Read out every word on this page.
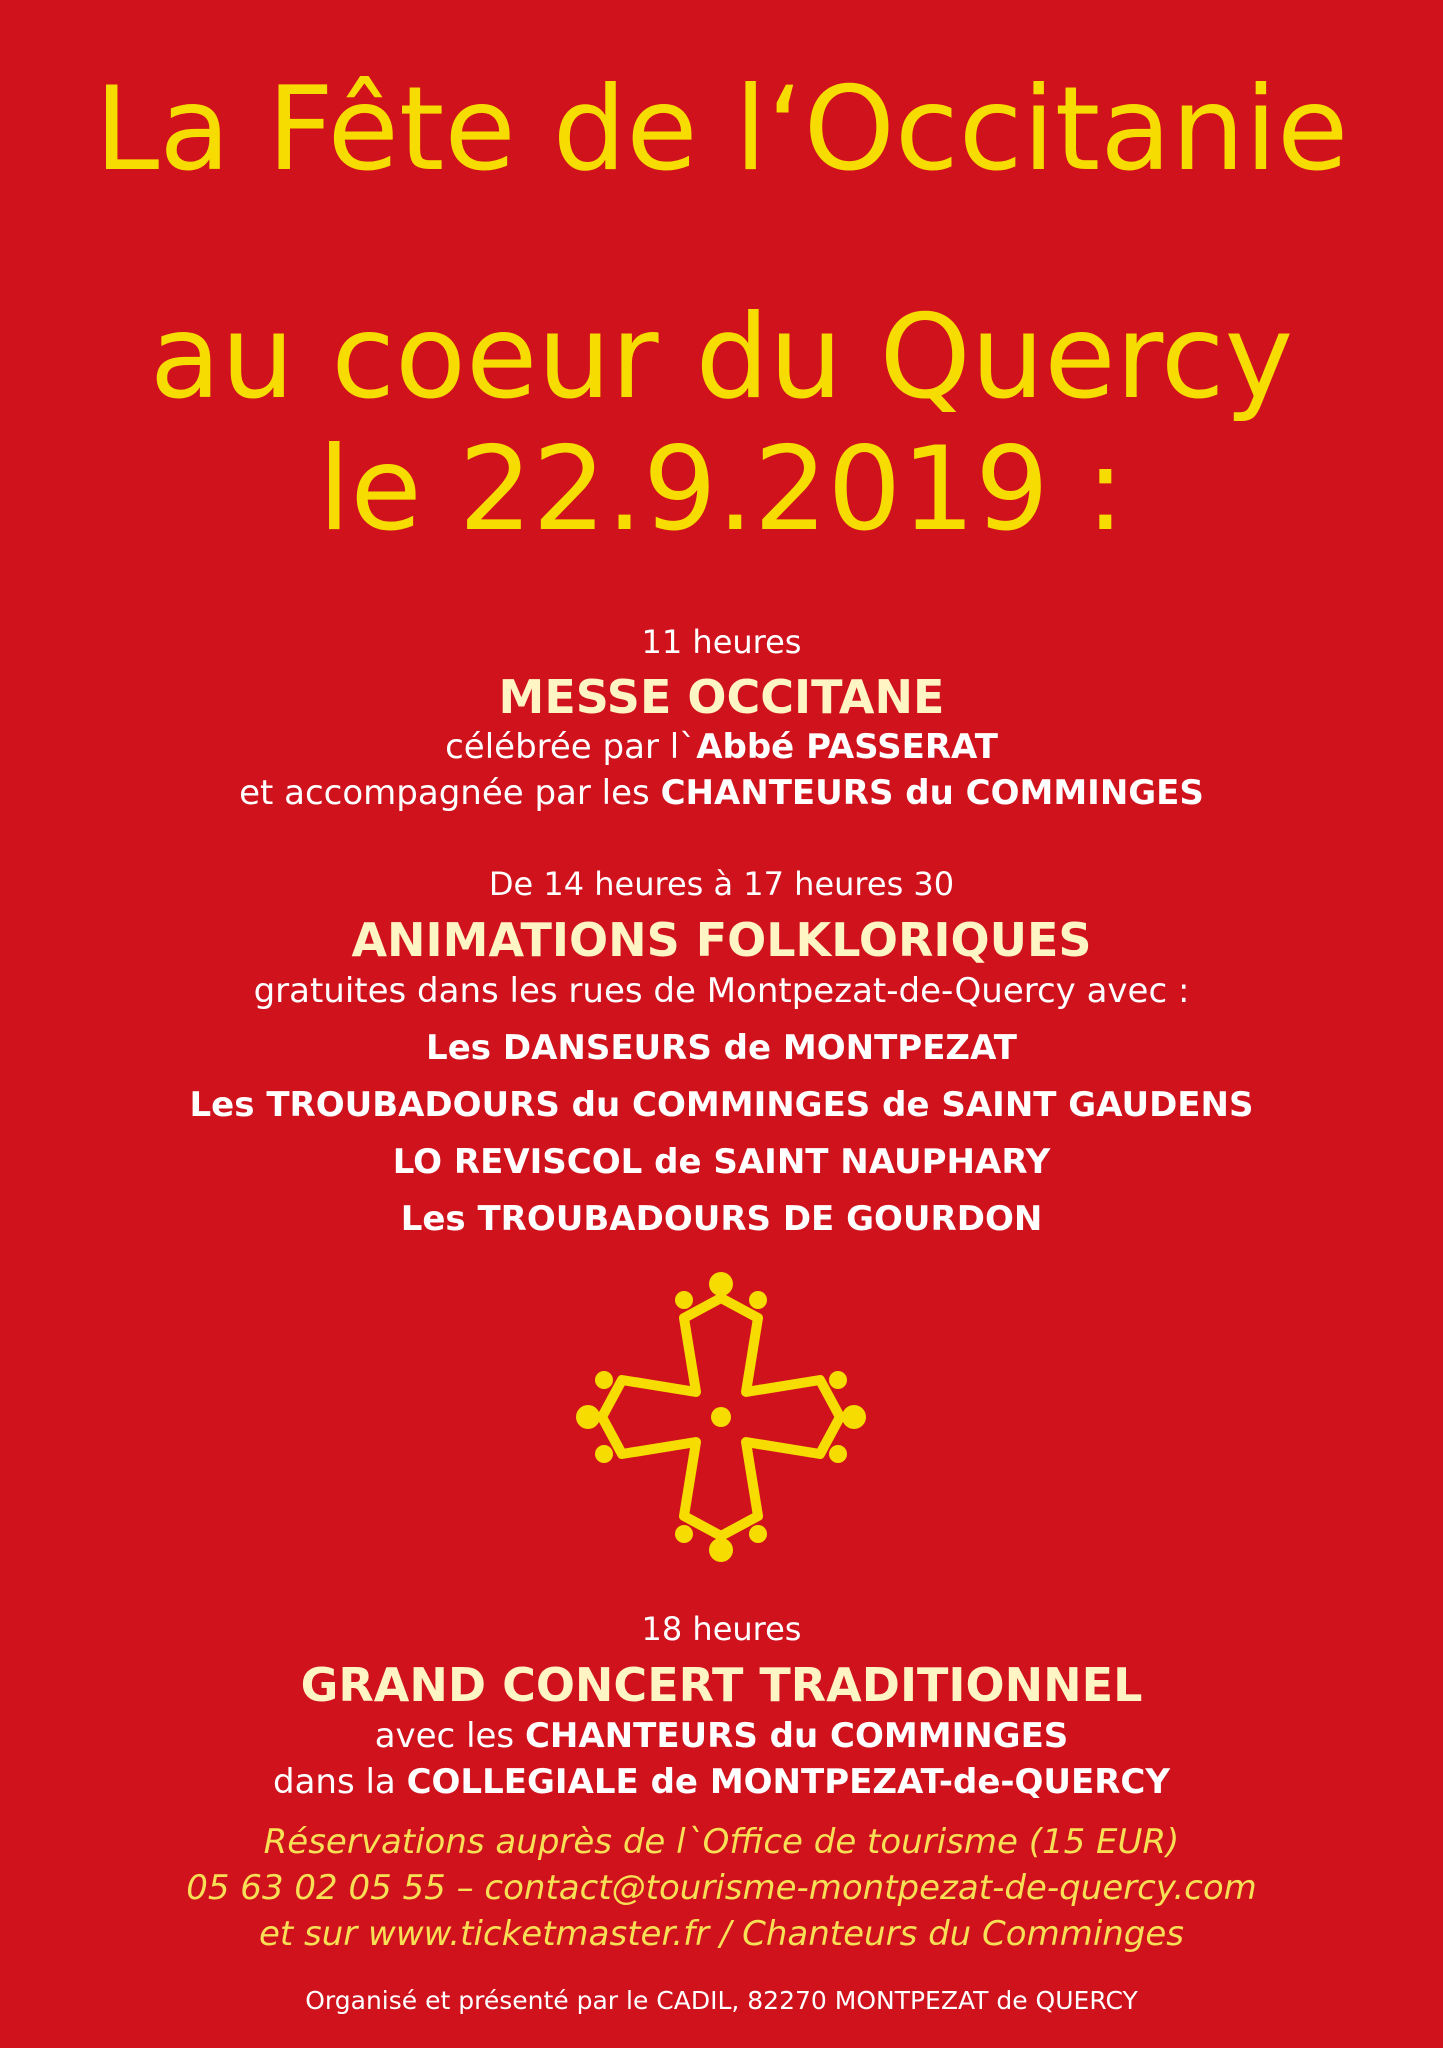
La Fête de l‘Occitanie
au coeur du Quercy
le 22.9.2019 :
11 heures
MESSE OCCITANE
célébrée par l`Abbé PASSERAT
et accompagnée par les CHANTEURS du COMMINGES
De 14 heures à 17 heures 30
ANIMATIONS FOLKLORIQUES
gratuites dans les rues de Montpezat-de-Quercy avec :
Les DANSEURS de MONTPEZAT
Les TROUBADOURS du COMMINGES de SAINT GAUDENS
LO REVISCOL de SAINT NAUPHARY
Les TROUBADOURS DE GOURDON
18 heures
GRAND CONCERT TRADITIONNEL
avec les CHANTEURS du COMMINGES
dans la COLLEGIALE de MONTPEZAT-de-QUERCY
Réservations auprès de l`Office de tourisme (15 EUR)
05 63 02 05 55 – contact@tourisme-montpezat-de-quercy.com
et sur www.ticketmaster.fr / Chanteurs du Comminges
Organisé et présenté par le CADIL, 82270 MONTPEZAT de QUERCY
